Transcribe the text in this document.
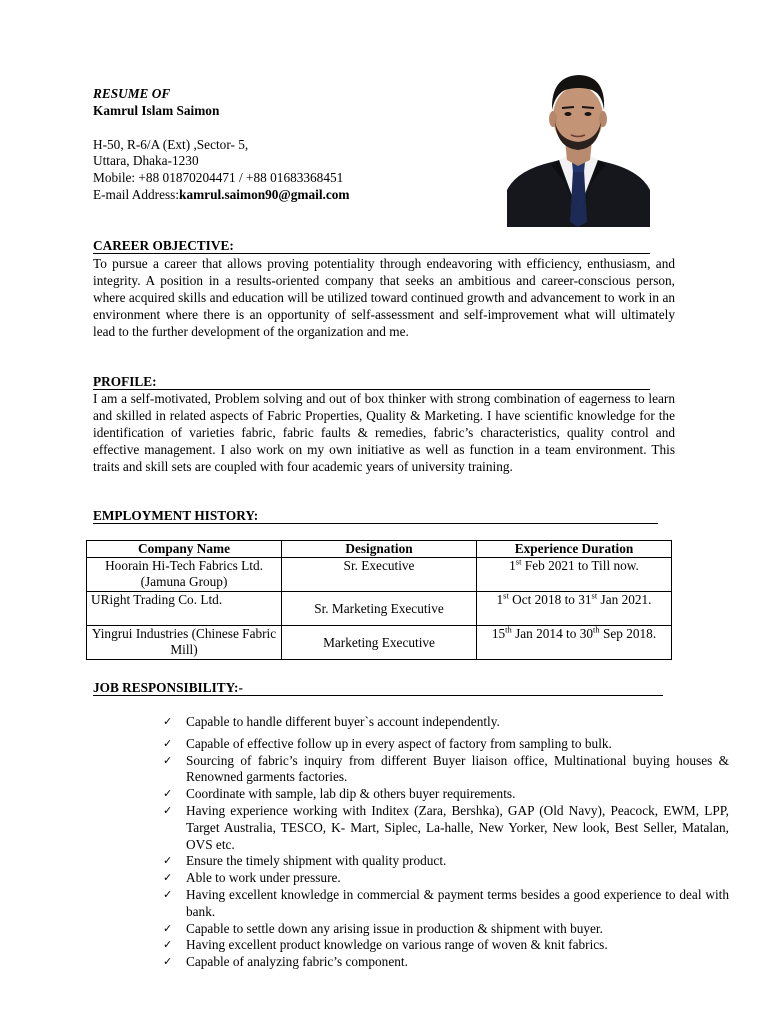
RESUME OF
Kamrul Islam Saimon
H-50, R-6/A (Ext) ,Sector- 5,
Uttara, Dhaka-1230
Mobile: +88 01870204471 / +88 01683368451
E-mail Address:kamrul.saimon90@gmail.com
CAREER OBJECTIVE:

To pursue a career that allows proving potentiality through endeavoring with efficiency, enthusiasm, and integrity. A position in a results-oriented company that seeks an ambitious and career-conscious person, where acquired skills and education will be utilized toward continued growth and advancement to work in an environment where there is an opportunity of self-assessment and self-improvement what will ultimately lead to the further development of the organization and me.

PROFILE:

I am a self-motivated, Problem solving and out of box thinker with strong combination of eagerness to learn and skilled in related aspects of Fabric Properties, Quality & Marketing. I have scientific knowledge for the identification of varieties fabric, fabric faults & remedies, fabric’s characteristics, quality control and effective management. I also work on my own initiative as well as function in a team environment. This traits and skill sets are coupled with four academic years of university training.

EMPLOYMENT HISTORY:
Company Name	Designation	Experience Duration
Hoorain Hi-Tech Fabrics Ltd. (Jamuna Group)	Sr. Executive	1st Feb 2021 to Till now.
URight Trading Co. Ltd.	Sr. Marketing Executive	1st Oct 2018 to 31st Jan 2021.
Yingrui Industries (Chinese Fabric Mill)	Marketing Executive	15th Jan 2014 to 30th Sep 2018.
JOB RESPONSIBILITY:-
✓ Capable to handle different buyer`s account independently.
✓ Capable of effective follow up in every aspect of factory from sampling to bulk.
✓ Sourcing of fabric’s inquiry from different Buyer liaison office, Multinational buying houses & Renowned garments factories.
✓ Coordinate with sample, lab dip & others buyer requirements.
✓ Having experience working with Inditex (Zara, Bershka), GAP (Old Navy), Peacock, EWM, LPP, Target Australia, TESCO, K- Mart, Siplec, La-halle, New Yorker, New look, Best Seller, Matalan, OVS etc.
✓ Ensure the timely shipment with quality product.
✓ Able to work under pressure.
✓ Having excellent knowledge in commercial & payment terms besides a good experience to deal with bank.
✓ Capable to settle down any arising issue in production & shipment with buyer.
✓ Having excellent product knowledge on various range of woven & knit fabrics.
✓ Capable of analyzing fabric’s component.
